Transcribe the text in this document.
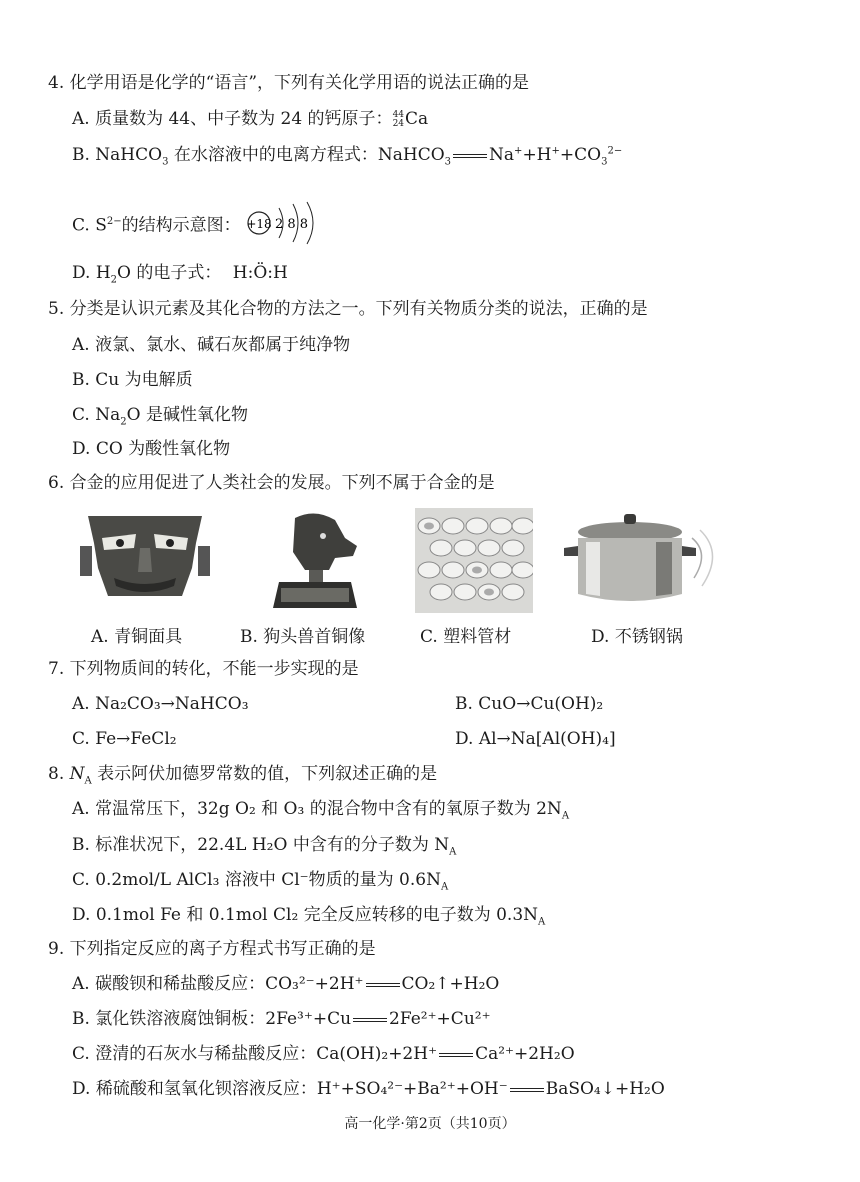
4. 化学用语是化学的“语言”，下列有关化学用语的说法正确的是
A. 质量数为 44、中子数为 24 的钙原子： 44
24 Ca
B. NaHCO$_3$ 在水溶液中的电离方程式：NaHCO$_3$ $Na^++H^++CO_3^{2-}$
C. $S^{2-}$的结构示意图： +18 2 8 8
D. $H_2O$ 的电子式： H:Ö:H
5. 分类是认识元素及其化合物的方法之一。下列有关物质分类的说法，正确的是
A. 液氯、氯水、碱石灰都属于纯净物
B. Cu 为电解质
C. $Na_2O$ 是碱性氧化物
D. CO 为酸性氧化物
6. 合金的应用促进了人类社会的发展。下列不属于合金的是
A. 青铜面具	B. 狗头兽首铜像	C. 塑料管材	D. 不锈钢锅
7. 下列物质间的转化，不能一步实现的是
A. Na₂CO₃→NaHCO₃	B. CuO→Cu(OH)₂
C. Fe→FeCl₂	D. Al→Na[Al(OH)₄]
8. $N_A$ 表示阿伏加德罗常数的值，下列叙述正确的是
A. 常温常压下，32g O₂ 和 O₃ 的混合物中含有的氧原子数为 $2N_A$
B. 标准状况下，22.4L H₂O 中含有的分子数为 $N_A$
C. 0.2mol/L AlCl₃ 溶液中 Cl⁻物质的量为 $0.6N_A$
D. 0.1mol Fe 和 0.1mol Cl₂ 完全反应转移的电子数为 $0.3N_A$
9. 下列指定反应的离子方程式书写正确的是
A. 碳酸钡和稀盐酸反应：CO₃²⁻+2H⁺ CO₂↑+H₂O
B. 氯化铁溶液腐蚀铜板：2Fe³⁺+Cu 2Fe²⁺+Cu²⁺
C. 澄清的石灰水与稀盐酸反应：Ca(OH)₂+2H⁺ Ca²⁺+2H₂O
D. 稀硫酸和氢氧化钡溶液反应：H⁺+SO₄²⁻+Ba²⁺+OH⁻ BaSO₄↓+H₂O
高一化学·第2页（共10页）
